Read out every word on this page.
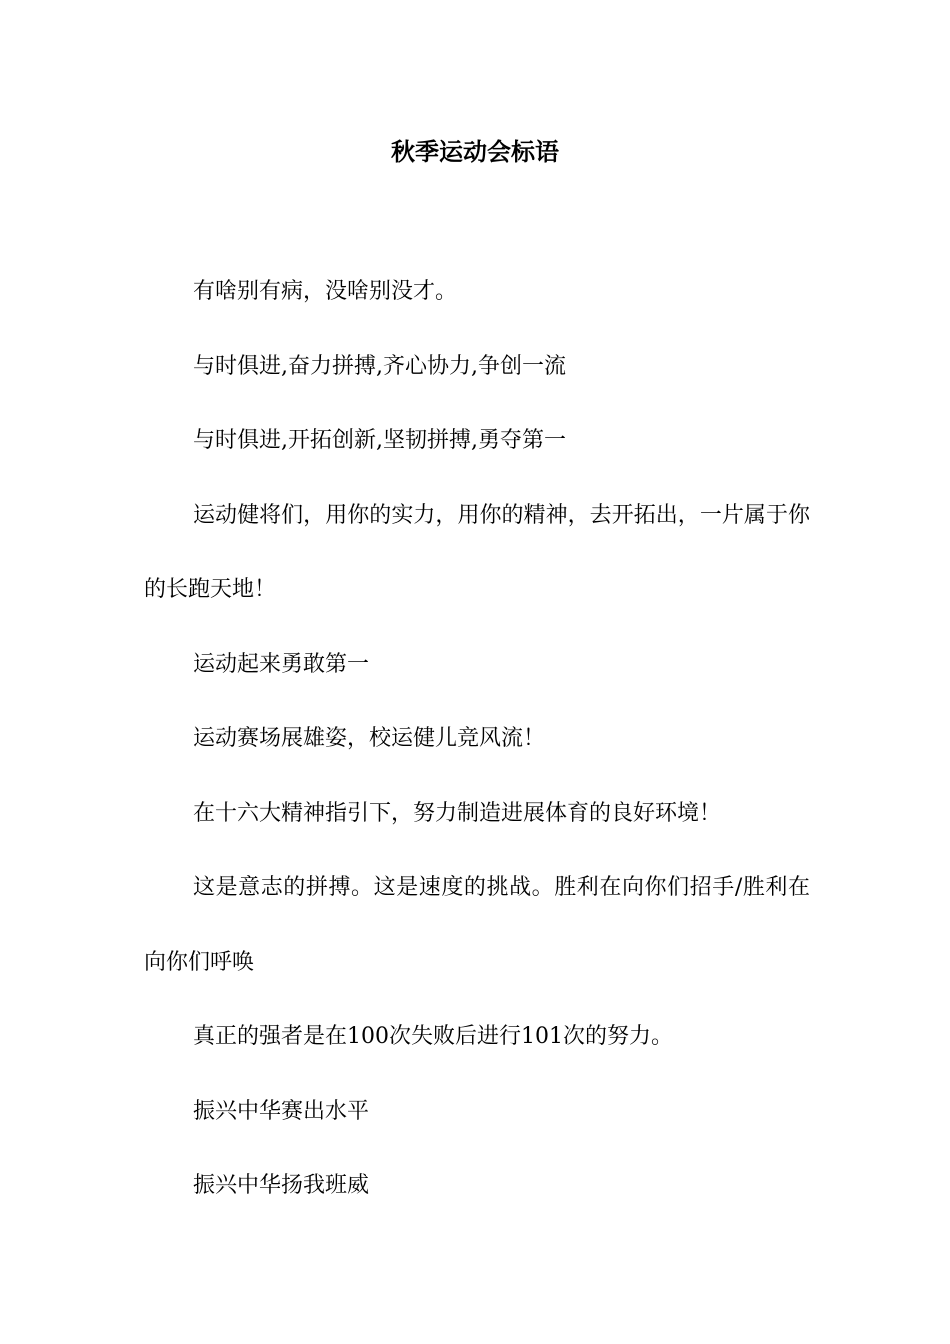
秋季运动会标语

有啥别有病，没啥别没才。

与时俱进,奋力拼搏,齐心协力,争创一流

与时俱进,开拓创新,坚韧拼搏,勇夺第一

运动健将们，用你的实力，用你的精神，去开拓出，一片属于你的长跑天地！

运动起来勇敢第一

运动赛场展雄姿，校运健儿竞风流！

在十六大精神指引下，努力制造进展体育的良好环境！

这是意志的拼搏。这是速度的挑战。胜利在向你们招手/胜利在向你们呼唤

真正的强者是在100次失败后进行101次的努力。

振兴中华赛出水平

振兴中华扬我班威
